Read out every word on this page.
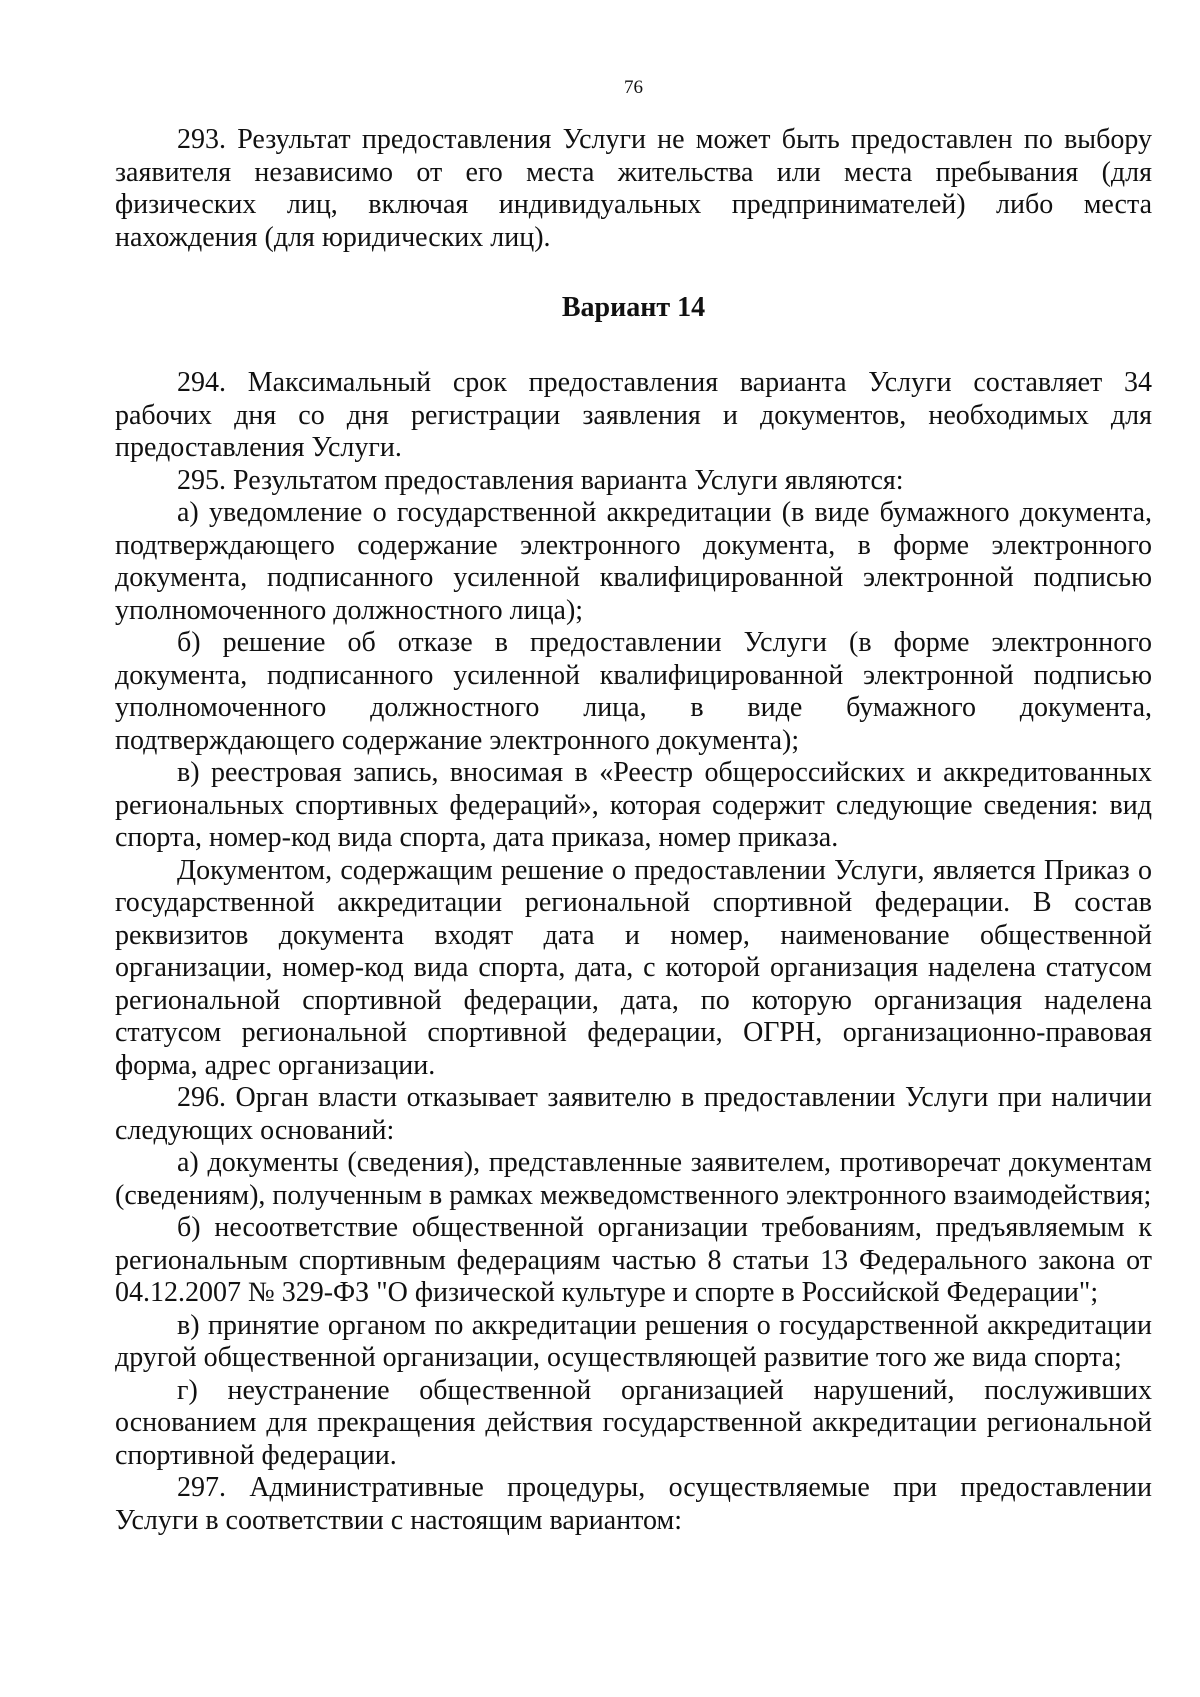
76

293. Результат предоставления Услуги не может быть предоставлен по выбору заявителя независимо от его места жительства или места пребывания (для физических лиц, включая индивидуальных предпринимателей) либо места нахождения (для юридических лиц).

Вариант 14

294. Максимальный срок предоставления варианта Услуги составляет 34 рабочих дня со дня регистрации заявления и документов, необходимых для предоставления Услуги.

295. Результатом предоставления варианта Услуги являются:

а) уведомление о государственной аккредитации (в виде бумажного документа, подтверждающего содержание электронного документа, в форме электронного документа, подписанного усиленной квалифицированной электронной подписью уполномоченного должностного лица);

б) решение об отказе в предоставлении Услуги (в форме электронного документа, подписанного усиленной квалифицированной электронной подписью уполномоченного должностного лица, в виде бумажного документа, подтверждающего содержание электронного документа);

в) реестровая запись, вносимая в «Реестр общероссийских и аккредитованных региональных спортивных федераций», которая содержит следующие сведения: вид спорта, номер-код вида спорта, дата приказа, номер приказа.

Документом, содержащим решение о предоставлении Услуги, является Приказ о государственной аккредитации региональной спортивной федерации. В состав реквизитов документа входят дата и номер, наименование общественной организации, номер-код вида спорта, дата, с которой организация наделена статусом региональной спортивной федерации, дата, по которую организация наделена статусом региональной спортивной федерации, ОГРН, организационно-правовая форма, адрес организации.

296. Орган власти отказывает заявителю в предоставлении Услуги при наличии следующих оснований:

а) документы (сведения), представленные заявителем, противоречат документам (сведениям), полученным в рамках межведомственного электронного взаимодействия;

б) несоответствие общественной организации требованиям, предъявляемым к региональным спортивным федерациям частью 8 статьи 13 Федерального закона от 04.12.2007 № 329-ФЗ "О физической культуре и спорте в Российской Федерации";

в) принятие органом по аккредитации решения о государственной аккредитации другой общественной организации, осуществляющей развитие того же вида спорта;

г) неустранение общественной организацией нарушений, послуживших основанием для прекращения действия государственной аккредитации региональной спортивной федерации.

297. Административные процедуры, осуществляемые при предоставлении Услуги в соответствии с настоящим вариантом:
